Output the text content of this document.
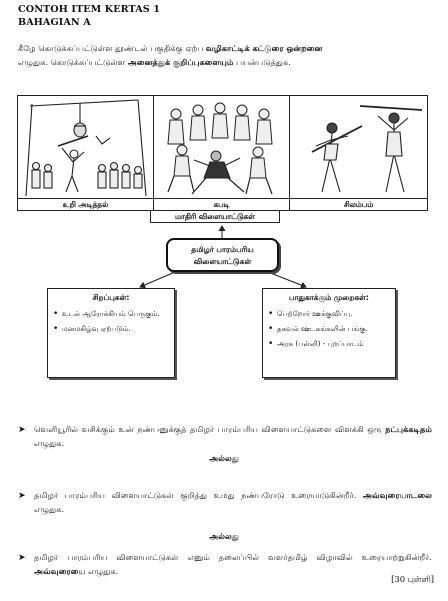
CONTOH ITEM KERTAS 1
BAHAGIAN A
கீழே கொடுக்கப்பட்டுள்ள தூண்டல் பகுதிக்கு ஏற்ப வழிகாட்டிக் கட்டுரை ஒன்றனை
எழுதுக. கொடுக்கப்பட்டுள்ள அனைத்துக் குறிப்புகளையும் பயன்படுத்துக.
உறி அடித்தல்	கபடி	சிலம்பம்
மாதிரி விளையாட்டுகள்
தமிழர் பாரம்பரிய
விளையாட்டுகள்
சிறப்புகள்:
• உடல் ஆரோக்கியம் பெருகும்.
• மனமகிழ்வு ஏற்படும்.
பாதுகாக்கும் முறைகள்:
• பெற்றோர் ஊக்குவிப்பு.
• தகவல் ஊடகங்களின் பங்கு.
• அரசு (பள்ளி) - புறப்பாடம்
➤	வெளியூரில் வசிக்கும் உன் நண்பனுக்குத் தமிழர் பாரம்பரிய விளையாட்டுகளை விளக்கி ஒரு நட்புக்கடிதம் எழுதுக.
அல்லது
➤	தமிழர் பாரம்பரிய விளையாட்டுகள் குறித்து உமது நண்பரோடு உரையாடுகின்றீர். அவ்வுரையாடலை எழுதுக.
அல்லது
➤	தமிழர் பாரம்பரிய விளையாட்டுகள் எனும் தலைப்பில் வளர்தமிழ் விழாவில் உரையாற்றுகின்றீர். அவ்வுரையை எழுதுக.
[30 புள்ளி]
